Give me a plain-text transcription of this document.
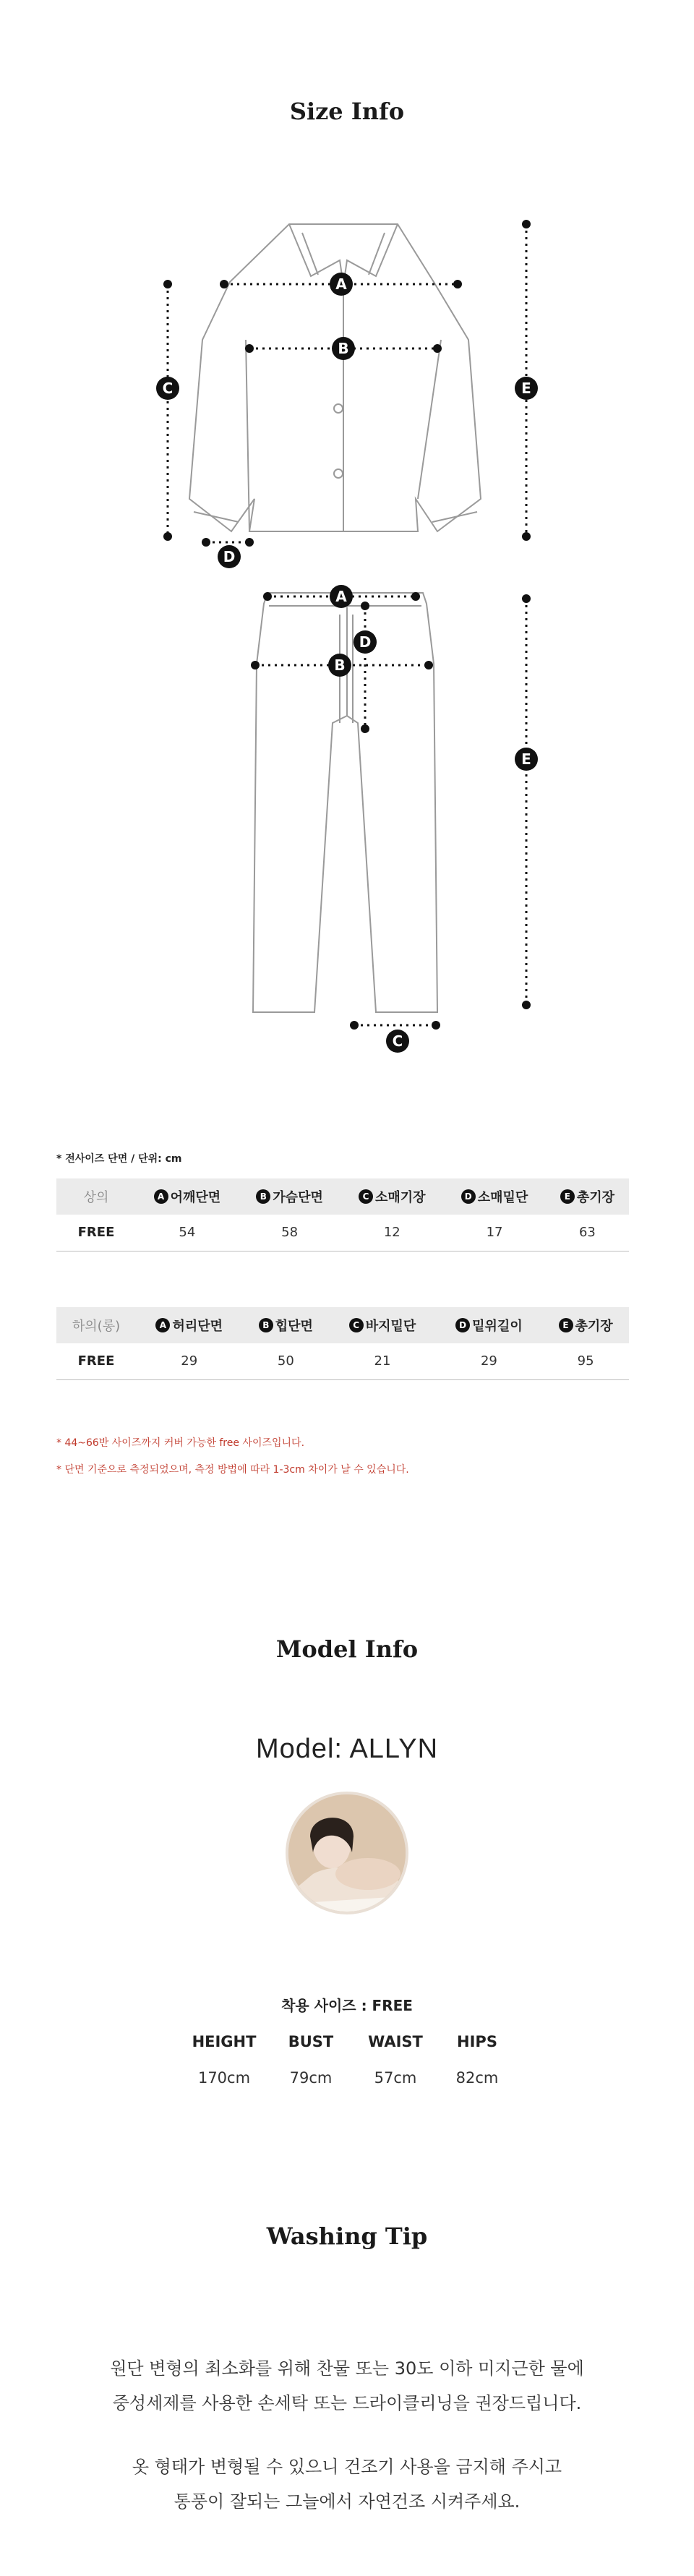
Size Info
A
B
C
D
E
A
D
B
E
C
* 전사이즈 단면 / 단위: cm
상의	A 어깨단면	B 가슴단면	C 소매기장	D 소매밑단	E 총기장
FREE	54	58	12	17	63
하의(롱)	A 허리단면	B 힙단면	C 바지밑단	D 밑위길이	E 총기장
FREE	29	50	21	29	95
* 44~66반 사이즈까지 커버 가능한 free 사이즈입니다.
* 단면 기준으로 측정되었으며, 측정 방법에 따라 1-3cm 차이가 날 수 있습니다.
Model Info
Model: ALLYN
착용 사이즈 : FREE
HEIGHT
170cm
BUST
79cm
WAIST
57cm
HIPS
82cm
Washing Tip
원단 변형의 최소화를 위해 찬물 또는 30도 이하 미지근한 물에
중성세제를 사용한 손세탁 또는 드라이클리닝을 권장드립니다.
옷 형태가 변형될 수 있으니 건조기 사용을 금지해 주시고
통풍이 잘되는 그늘에서 자연건조 시켜주세요.
